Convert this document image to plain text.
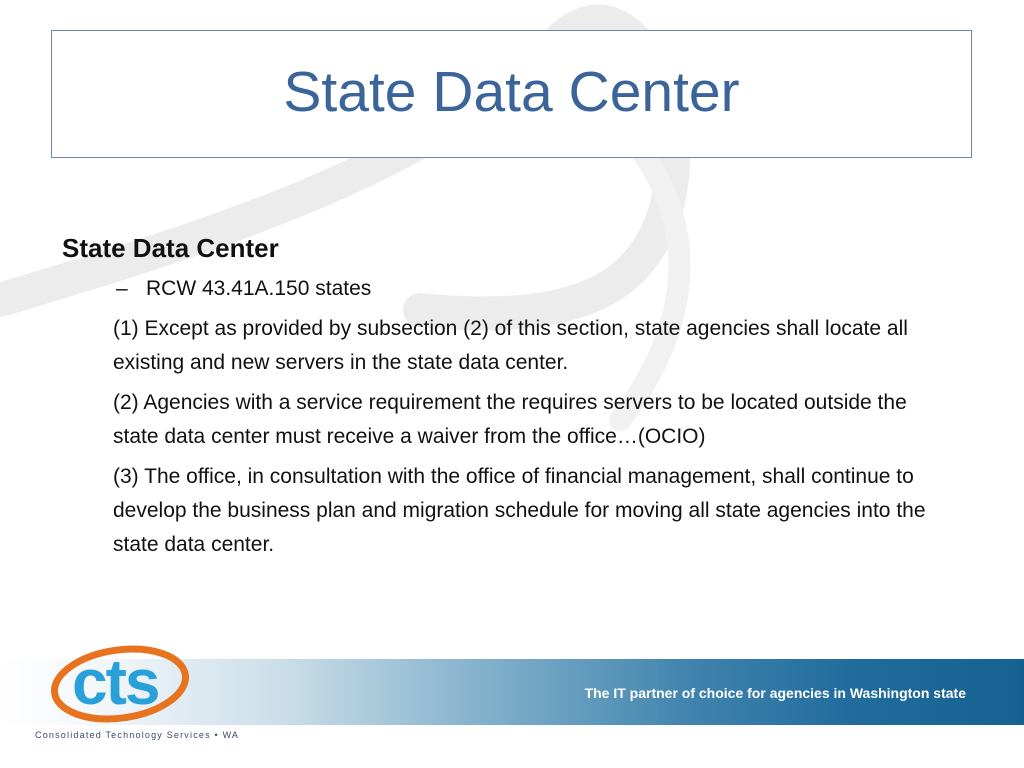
State Data Center
State Data Center
– RCW 43.41A.150 states
(1) Except as provided by subsection (2) of this section, state agencies shall locate all existing and new servers in the state data center.
(2) Agencies with a service requirement the requires servers to be located outside the state data center must receive a waiver from the office…(OCIO)
(3) The office, in consultation with the office of financial management, shall continue to develop the business plan and migration schedule for moving all state agencies into the state data center.
The IT partner of choice for agencies in Washington state
cts
Consolidated Technology Services • WA
